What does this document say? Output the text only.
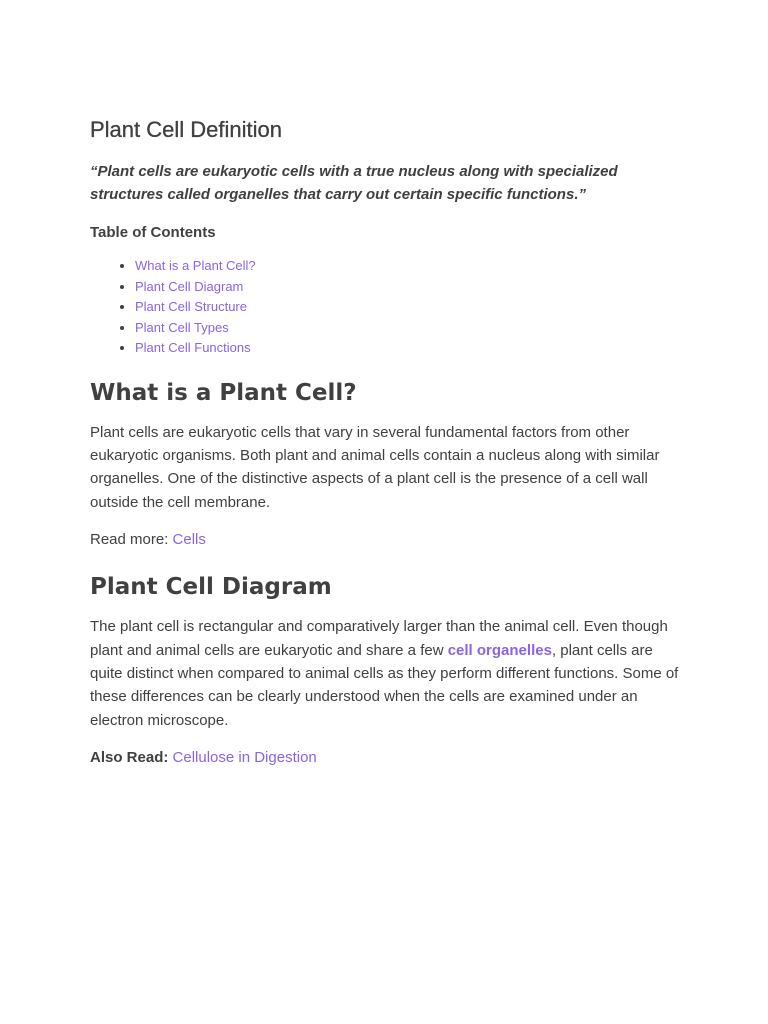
Plant Cell Definition

“Plant cells are eukaryotic cells with a true nucleus along with specialized structures called organelles that carry out certain specific functions.”

Table of Contents
• What is a Plant Cell?
• Plant Cell Diagram
• Plant Cell Structure
• Plant Cell Types
• Plant Cell Functions
What is a Plant Cell?

Plant cells are eukaryotic cells that vary in several fundamental factors from other eukaryotic organisms. Both plant and animal cells contain a nucleus along with similar organelles. One of the distinctive aspects of a plant cell is the presence of a cell wall outside the cell membrane.

Read more: Cells

Plant Cell Diagram

The plant cell is rectangular and comparatively larger than the animal cell. Even though plant and animal cells are eukaryotic and share a few cell organelles, plant cells are quite distinct when compared to animal cells as they perform different functions. Some of these differences can be clearly understood when the cells are examined under an electron microscope.

Also Read: Cellulose in Digestion
